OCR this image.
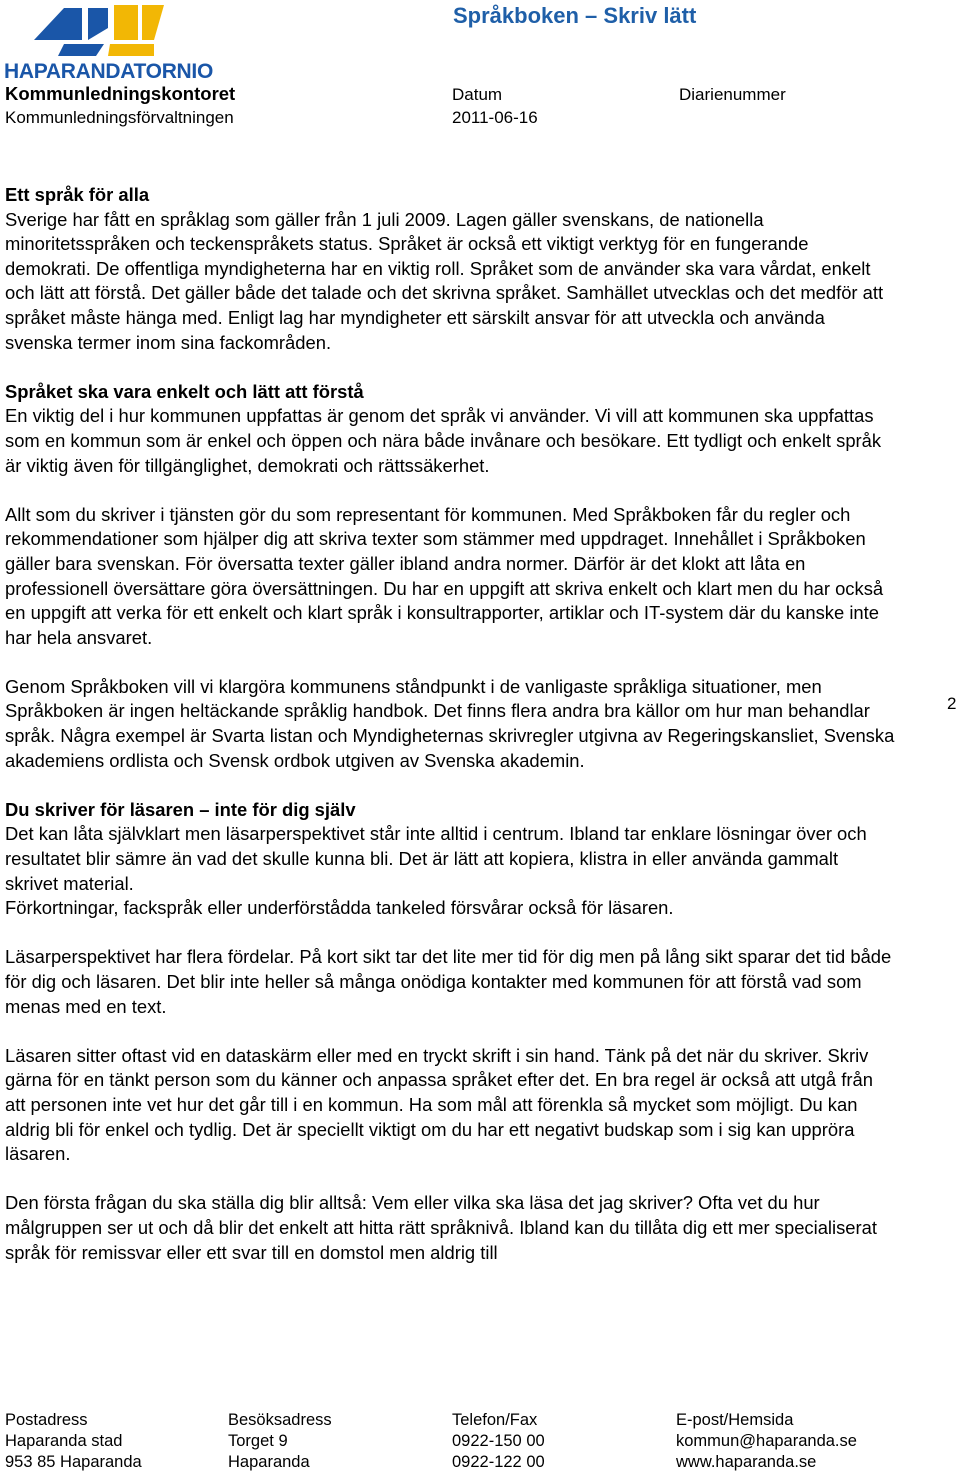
HAPARANDATORNIO

Språkboken – Skriv lätt
Kommunledningskontoret
Kommunledningsförvaltningen
Datum
2011-06-16
Diarienummer
Ett språk för alla

Sverige har fått en språklag som gäller från 1 juli 2009. Lagen gäller svenskans, de nationella minoritetsspråken och teckenspråkets status. Språket är också ett viktigt verktyg för en fungerande demokrati. De offentliga myndigheterna har en viktig roll. Språket som de använder ska vara vårdat, enkelt och lätt att förstå. Det gäller både det talade och det skrivna språket. Samhället utvecklas och det medför att språket måste hänga med. Enligt lag har myndigheter ett särskilt ansvar för att utveckla och använda svenska termer inom sina fackområden.

Språket ska vara enkelt och lätt att förstå

En viktig del i hur kommunen uppfattas är genom det språk vi använder. Vi vill att kommunen ska uppfattas som en kommun som är enkel och öppen och nära både invånare och besökare. Ett tydligt och enkelt språk är viktig även för tillgänglighet, demokrati och rättssäkerhet.

Allt som du skriver i tjänsten gör du som representant för kommunen. Med Språkboken får du regler och rekommendationer som hjälper dig att skriva texter som stämmer med uppdraget. Innehållet i Språkboken gäller bara svenskan. För översatta texter gäller ibland andra normer. Därför är det klokt att låta en professionell översättare göra översättningen. Du har en uppgift att skriva enkelt och klart men du har också en uppgift att verka för ett enkelt och klart språk i konsultrapporter, artiklar och IT-system där du kanske inte har hela ansvaret.

Genom Språkboken vill vi klargöra kommunens ståndpunkt i de vanligaste språkliga situationer, men Språkboken är ingen heltäckande språklig handbok. Det finns flera andra bra källor om hur man behandlar språk. Några exempel är Svarta listan och Myndigheternas skrivregler utgivna av Regeringskansliet, Svenska akademiens ordlista och Svensk ordbok utgiven av Svenska akademin.

Du skriver för läsaren – inte för dig själv

Det kan låta självklart men läsarperspektivet står inte alltid i centrum. Ibland tar enklare lösningar över och resultatet blir sämre än vad det skulle kunna bli. Det är lätt att kopiera, klistra in eller använda gammalt skrivet material.

Förkortningar, fackspråk eller underförstådda tankeled försvårar också för läsaren.

Läsarperspektivet har flera fördelar. På kort sikt tar det lite mer tid för dig men på lång sikt sparar det tid både för dig och läsaren. Det blir inte heller så många onödiga kontakter med kommunen för att förstå vad som menas med en text.

Läsaren sitter oftast vid en dataskärm eller med en tryckt skrift i sin hand. Tänk på det när du skriver. Skriv gärna för en tänkt person som du känner och anpassa språket efter det. En bra regel är också att utgå från att personen inte vet hur det går till i en kommun. Ha som mål att förenkla så mycket som möjligt. Du kan aldrig bli för enkel och tydlig. Det är speciellt viktigt om du har ett negativt budskap som i sig kan uppröra läsaren.

Den första frågan du ska ställa dig blir alltså: Vem eller vilka ska läsa det jag skriver? Ofta vet du hur målgruppen ser ut och då blir det enkelt att hitta rätt språknivå. Ibland kan du tillåta dig ett mer specialiserat språk för remissvar eller ett svar till en domstol men aldrig till

2
Postadress
Haparanda stad
953 85 Haparanda
Besöksadress
Torget 9
Haparanda
Telefon/Fax
0922-150 00
0922-122 00
E-post/Hemsida
kommun@haparanda.se
www.haparanda.se
